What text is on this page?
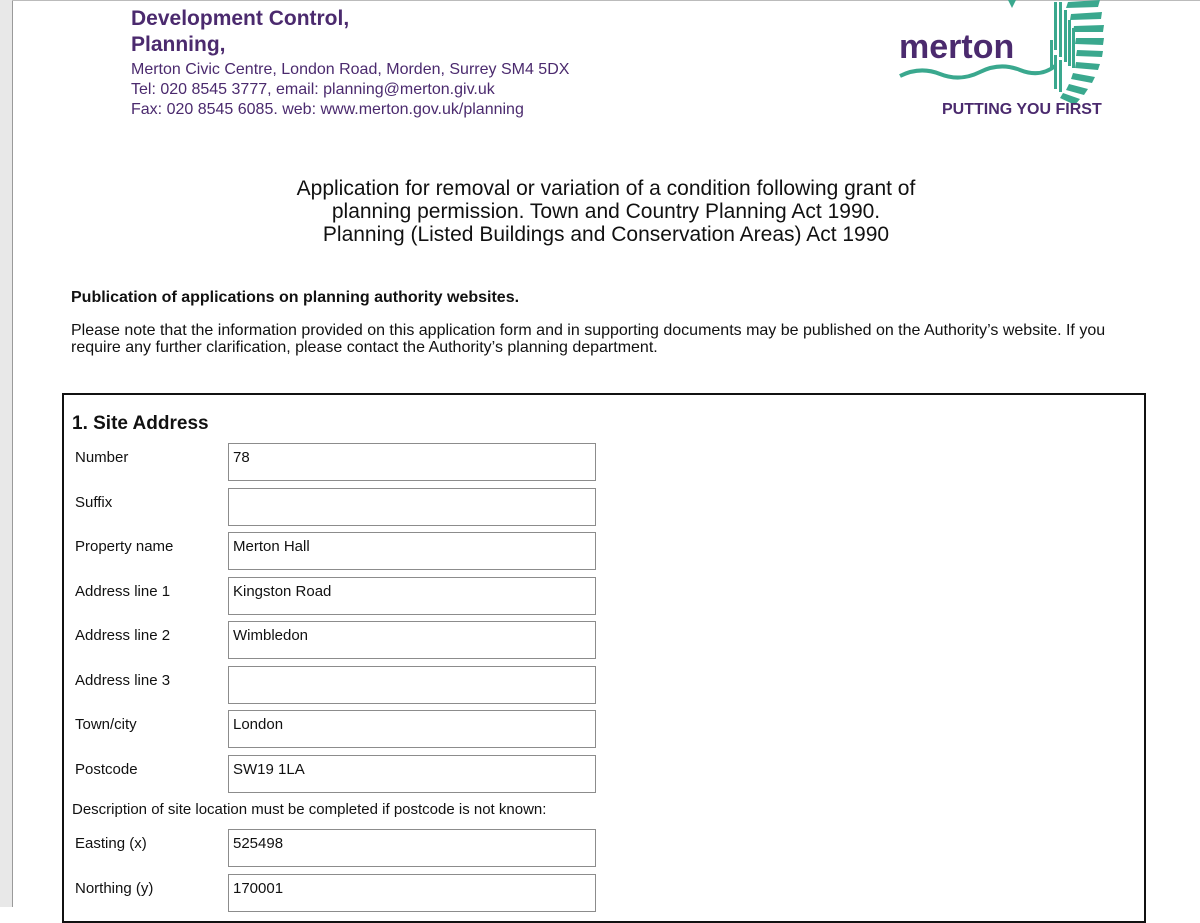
Development Control,
Planning,
Merton Civic Centre, London Road, Morden, Surrey SM4 5DX
Tel: 020 8545 3777, email: planning@merton.giv.uk
Fax: 020 8545 6085. web: www.merton.gov.uk/planning
merton
PUTTING YOU FIRST
Application for removal or variation of a condition following grant of
planning permission. Town and Country Planning Act 1990.
Planning (Listed Buildings and Conservation Areas) Act 1990
Publication of applications on planning authority websites.
Please note that the information provided on this application form and in supporting documents may be published on the Authority’s website. If you require any further clarification, please contact the Authority’s planning department.
1. Site Address
Number	78
Suffix
Property name	Merton Hall
Address line 1	Kingston Road
Address line 2	Wimbledon
Address line 3
Town/city	London
Postcode	SW19 1LA
Description of site location must be completed if postcode is not known:
Easting (x)	525498
Northing (y)	170001
